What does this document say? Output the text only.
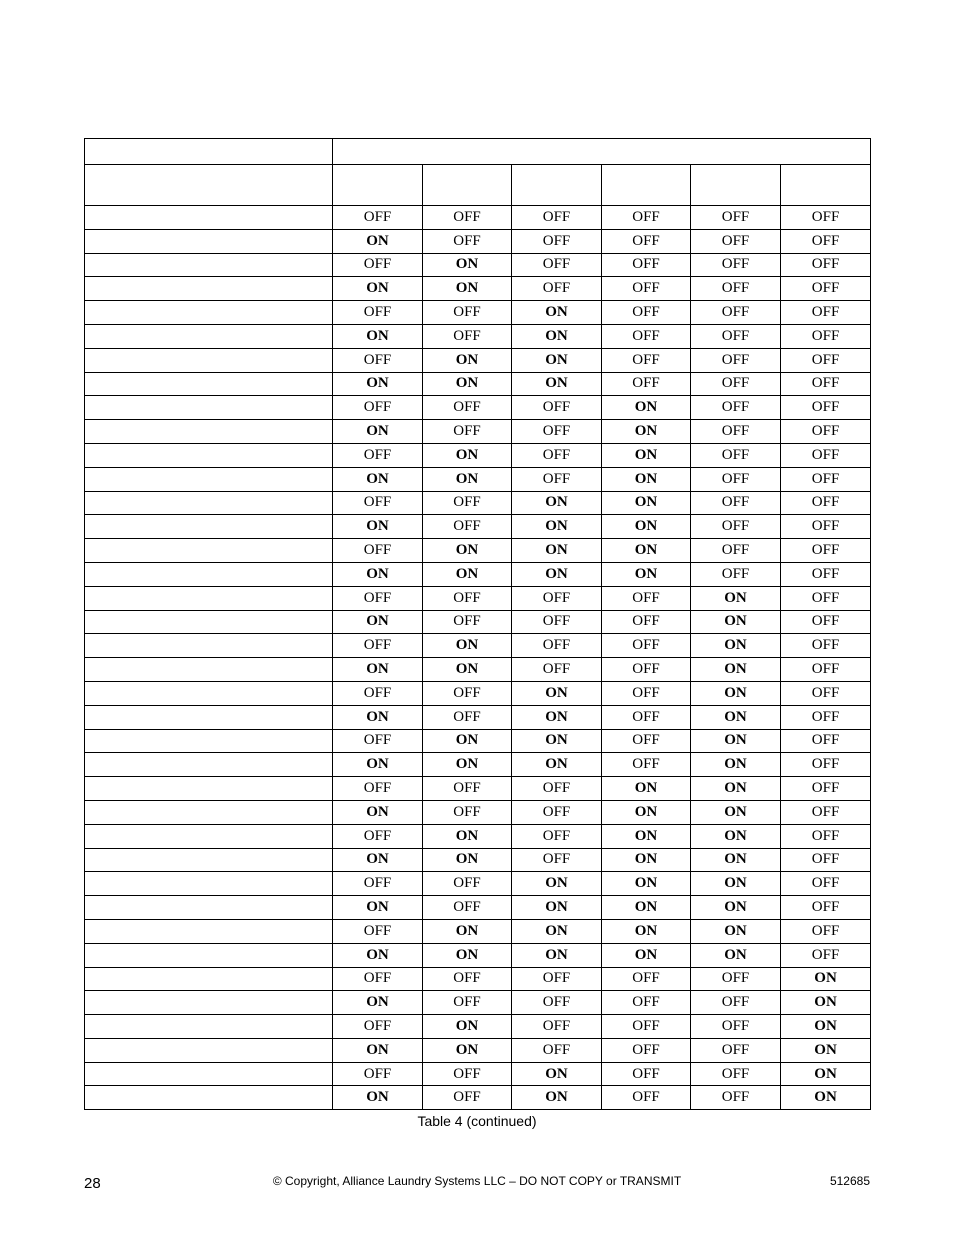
	OFF	OFF	OFF	OFF	OFF	OFF
	ON	OFF	OFF	OFF	OFF	OFF
	OFF	ON	OFF	OFF	OFF	OFF
	ON	ON	OFF	OFF	OFF	OFF
	OFF	OFF	ON	OFF	OFF	OFF
	ON	OFF	ON	OFF	OFF	OFF
	OFF	ON	ON	OFF	OFF	OFF
	ON	ON	ON	OFF	OFF	OFF
	OFF	OFF	OFF	ON	OFF	OFF
	ON	OFF	OFF	ON	OFF	OFF
	OFF	ON	OFF	ON	OFF	OFF
	ON	ON	OFF	ON	OFF	OFF
	OFF	OFF	ON	ON	OFF	OFF
	ON	OFF	ON	ON	OFF	OFF
	OFF	ON	ON	ON	OFF	OFF
	ON	ON	ON	ON	OFF	OFF
	OFF	OFF	OFF	OFF	ON	OFF
	ON	OFF	OFF	OFF	ON	OFF
	OFF	ON	OFF	OFF	ON	OFF
	ON	ON	OFF	OFF	ON	OFF
	OFF	OFF	ON	OFF	ON	OFF
	ON	OFF	ON	OFF	ON	OFF
	OFF	ON	ON	OFF	ON	OFF
	ON	ON	ON	OFF	ON	OFF
	OFF	OFF	OFF	ON	ON	OFF
	ON	OFF	OFF	ON	ON	OFF
	OFF	ON	OFF	ON	ON	OFF
	ON	ON	OFF	ON	ON	OFF
	OFF	OFF	ON	ON	ON	OFF
	ON	OFF	ON	ON	ON	OFF
	OFF	ON	ON	ON	ON	OFF
	ON	ON	ON	ON	ON	OFF
	OFF	OFF	OFF	OFF	OFF	ON
	ON	OFF	OFF	OFF	OFF	ON
	OFF	ON	OFF	OFF	OFF	ON
	ON	ON	OFF	OFF	OFF	ON
	OFF	OFF	ON	OFF	OFF	ON
	ON	OFF	ON	OFF	OFF	ON
Table 4 (continued)
28	© Copyright, Alliance Laundry Systems LLC – DO NOT COPY or TRANSMIT	512685
